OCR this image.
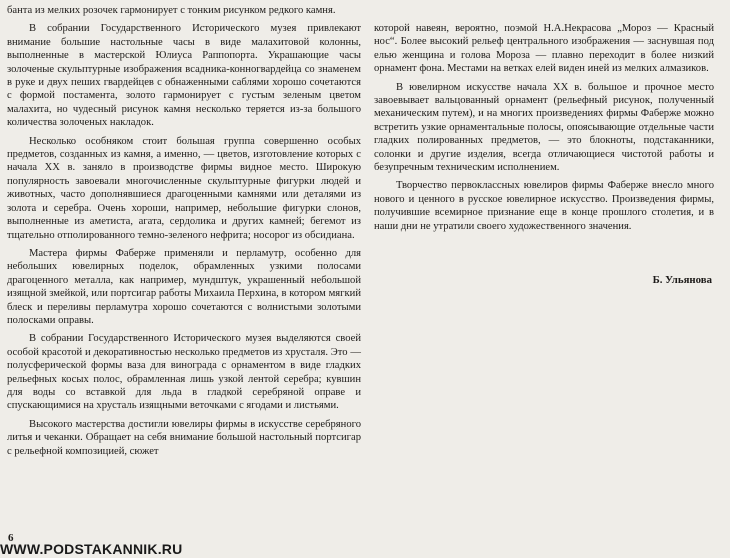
банта из мелких розочек гармонирует с тонким рисунком редкого камня.

В собрании Государственного Исторического музея привлекают внимание большие настольные часы в виде малахитовой колонны, выполненные в мастерской Юлиуса Раппопорта. Украшающие часы золоченые скульптурные изображения всадника-конногвардейца со знаменем в руке и двух пеших гвардейцев с обнаженными саблями хорошо сочетаются с формой постамента, золото гармонирует с густым зеленым цветом малахита, но чудесный рисунок камня несколько теряется из-за большого количества золоченых накладок.

Несколько особняком стоит большая группа совершенно особых предметов, созданных из камня, а именно, — цветов, изготовление которых с начала XX в. заняло в производстве фирмы видное место. Широкую популярность завоевали многочисленные скульптурные фигурки людей и животных, часто дополнявшиеся драгоценными камнями или деталями из золота и серебра. Очень хороши, например, небольшие фигурки слонов, выполненные из аметиста, агата, сердолика и других камней; бегемот из тщательно отполированного темно-зеленого нефрита; носорог из обсидиана.

Мастера фирмы Фаберже применяли и перламутр, особенно для небольших ювелирных поделок, обрамленных узкими полосами драгоценного металла, как например, мундштук, украшенный небольшой изящной змейкой, или портсигар работы Михаила Перхина, в котором мягкий блеск и переливы перламутра хорошо сочетаются с волнистыми золотыми полосками оправы.

В собрании Государственного Исторического музея выделяются своей особой красотой и декоративностью несколько предметов из хрусталя. Это — полусферической формы ваза для винограда с орнаментом в виде гладких рельефных косых полос, обрамленная лишь узкой лентой серебра; кувшин для воды со вставкой для льда в гладкой серебряной оправе и спускающимися на хрусталь изящными веточками с ягодами и листьями.

Высокого мастерства достигли ювелиры фирмы в искусстве серебряного литья и чеканки. Обращает на себя внимание большой настольный портсигар с рельефной композицией, сюжет

которой навеян, вероятно, поэмой Н.А.Некрасова „Мороз — Красный нос“. Более высокий рельеф центрального изображения — заснувшая под елью женщина и голова Мороза — плавно переходит в более низкий орнамент фона. Местами на ветках елей виден иней из мелких алмазиков.

В ювелирном искусстве начала XX в. большое и прочное место завоевывает вальцованный орнамент (рельефный рисунок, полученный механическим путем), и на многих произведениях фирмы Фаберже можно встретить узкие орнаментальные полосы, опоясывающие отдельные части гладких полированных предметов, — это блокноты, подстаканники, солонки и другие изделия, всегда отличающиеся чистотой работы и безупречным техническим исполнением.

Творчество первоклассных ювелиров фирмы Фаберже внесло много нового и ценного в русское ювелирное искусство. Произведения фирмы, получившие всемирное признание еще в конце прошлого столетия, и в наши дни не утратили своего художественного значения.

Б. Ульянова
6
WWW.PODSTAKANNIK.RU
